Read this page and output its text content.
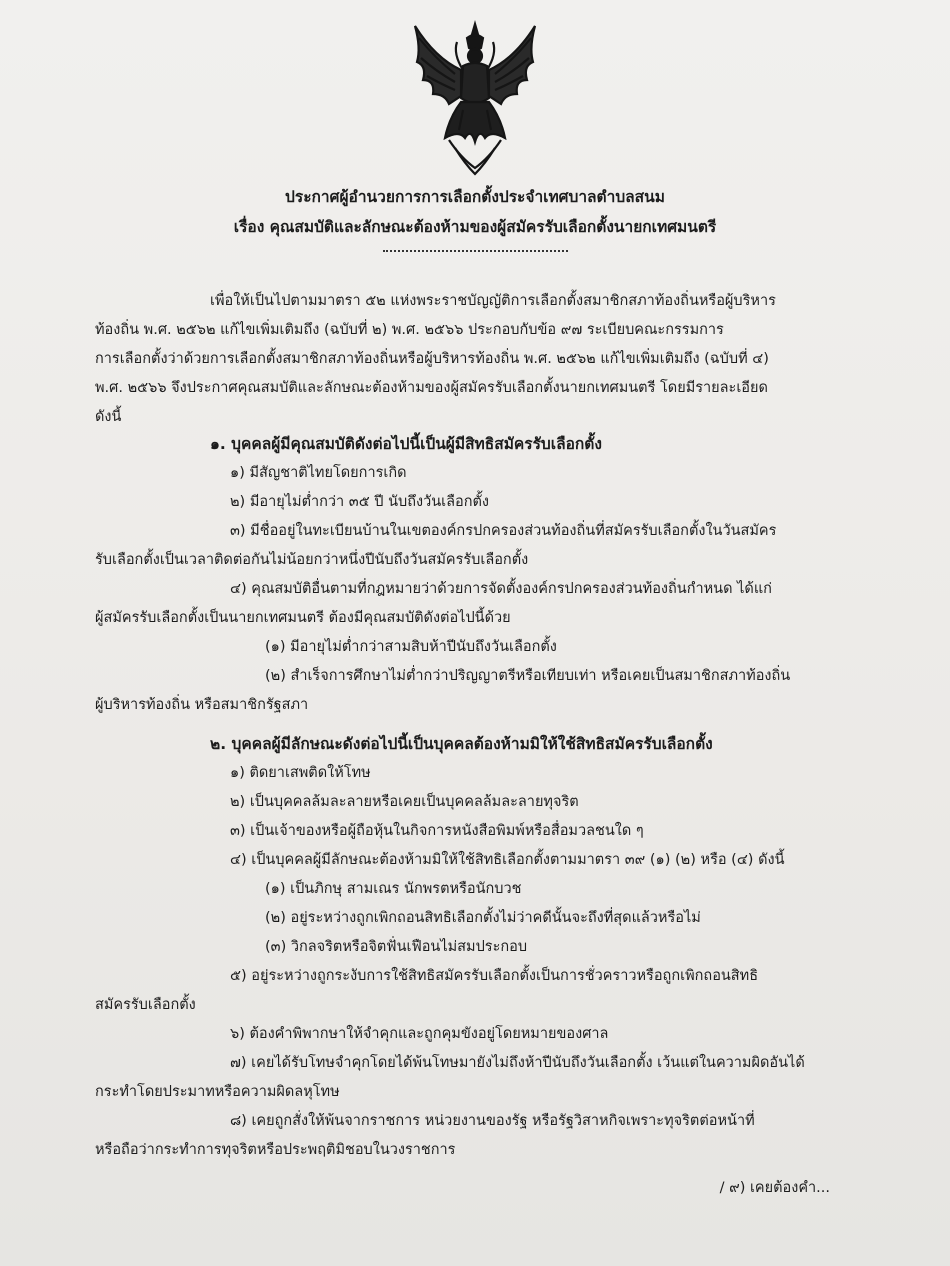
ประกาศผู้อำนวยการการเลือกตั้งประจำเทศบาลตำบลสนม
เรื่อง คุณสมบัติและลักษณะต้องห้ามของผู้สมัครรับเลือกตั้งนายกเทศมนตรี
เพื่อให้เป็นไปตามมาตรา ๕๒ แห่งพระราชบัญญัติการเลือกตั้งสมาชิกสภาท้องถิ่นหรือผู้บริหาร
ท้องถิ่น พ.ศ. ๒๕๖๒ แก้ไขเพิ่มเติมถึง (ฉบับที่ ๒) พ.ศ. ๒๕๖๖ ประกอบกับข้อ ๙๗ ระเบียบคณะกรรมการ
การเลือกตั้งว่าด้วยการเลือกตั้งสมาชิกสภาท้องถิ่นหรือผู้บริหารท้องถิ่น พ.ศ. ๒๕๖๒ แก้ไขเพิ่มเติมถึง (ฉบับที่ ๔)
พ.ศ. ๒๕๖๖ จึงประกาศคุณสมบัติและลักษณะต้องห้ามของผู้สมัครรับเลือกตั้งนายกเทศมนตรี โดยมีรายละเอียด
ดังนี้
๑. บุคคลผู้มีคุณสมบัติดังต่อไปนี้เป็นผู้มีสิทธิสมัครรับเลือกตั้ง
๑) มีสัญชาติไทยโดยการเกิด
๒) มีอายุไม่ต่ำกว่า ๓๕ ปี นับถึงวันเลือกตั้ง
๓) มีชื่ออยู่ในทะเบียนบ้านในเขตองค์กรปกครองส่วนท้องถิ่นที่สมัครรับเลือกตั้งในวันสมัคร
รับเลือกตั้งเป็นเวลาติดต่อกันไม่น้อยกว่าหนึ่งปีนับถึงวันสมัครรับเลือกตั้ง
๔) คุณสมบัติอื่นตามที่กฎหมายว่าด้วยการจัดตั้งองค์กรปกครองส่วนท้องถิ่นกำหนด ได้แก่
ผู้สมัครรับเลือกตั้งเป็นนายกเทศมนตรี ต้องมีคุณสมบัติดังต่อไปนี้ด้วย
(๑) มีอายุไม่ต่ำกว่าสามสิบห้าปีนับถึงวันเลือกตั้ง
(๒) สำเร็จการศึกษาไม่ต่ำกว่าปริญญาตรีหรือเทียบเท่า หรือเคยเป็นสมาชิกสภาท้องถิ่น
ผู้บริหารท้องถิ่น หรือสมาชิกรัฐสภา
๒. บุคคลผู้มีลักษณะดังต่อไปนี้เป็นบุคคลต้องห้ามมิให้ใช้สิทธิสมัครรับเลือกตั้ง
๑) ติดยาเสพติดให้โทษ
๒) เป็นบุคคลล้มละลายหรือเคยเป็นบุคคลล้มละลายทุจริต
๓) เป็นเจ้าของหรือผู้ถือหุ้นในกิจการหนังสือพิมพ์หรือสื่อมวลชนใด ๆ
๔) เป็นบุคคลผู้มีลักษณะต้องห้ามมิให้ใช้สิทธิเลือกตั้งตามมาตรา ๓๙ (๑) (๒) หรือ (๔) ดังนี้
(๑) เป็นภิกษุ สามเณร นักพรตหรือนักบวช
(๒) อยู่ระหว่างถูกเพิกถอนสิทธิเลือกตั้งไม่ว่าคดีนั้นจะถึงที่สุดแล้วหรือไม่
(๓) วิกลจริตหรือจิตฟั่นเฟือนไม่สมประกอบ
๕) อยู่ระหว่างถูกระงับการใช้สิทธิสมัครรับเลือกตั้งเป็นการชั่วคราวหรือถูกเพิกถอนสิทธิ
สมัครรับเลือกตั้ง
๖) ต้องคำพิพากษาให้จำคุกและถูกคุมขังอยู่โดยหมายของศาล
๗) เคยได้รับโทษจำคุกโดยได้พ้นโทษมายังไม่ถึงห้าปีนับถึงวันเลือกตั้ง เว้นแต่ในความผิดอันได้
กระทำโดยประมาทหรือความผิดลหุโทษ
๘) เคยถูกสั่งให้พ้นจากราชการ หน่วยงานของรัฐ หรือรัฐวิสาหกิจเพราะทุจริตต่อหน้าที่
หรือถือว่ากระทำการทุจริตหรือประพฤติมิชอบในวงราชการ
/ ๙) เคยต้องคำ...
